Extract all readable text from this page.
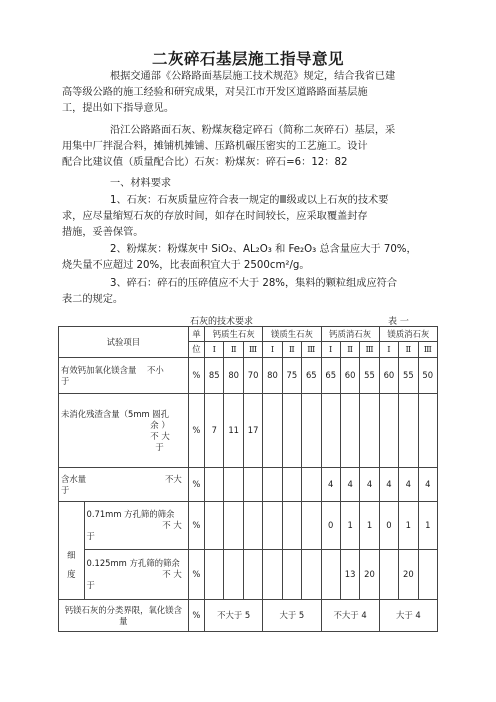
二灰碎石基层施工指导意见
根据交通部《公路路面基层施工技术规范》规定，结合我省已建
高等级公路的施工经验和研究成果，对吴江市开发区道路路面基层施
工，提出如下指导意见。
沿江公路路面石灰、粉煤灰稳定碎石（简称二灰碎石）基层，采
用集中厂拌混合料，摊铺机摊铺、压路机碾压密实的工艺施工。设计
配合比建议值（质量配合比）石灰：粉煤灰：碎石=6：12：82
一、材料要求
1、石灰：石灰质量应符合表一规定的Ⅲ级或以上石灰的技术要
求，应尽量缩短石灰的存放时间，如存在时间较长，应采取覆盖封存
措施，妥善保管。
2、粉煤灰：粉煤灰中 SiO₂、AL₂O₃ 和 Fe₂O₃ 总含量应大于 70%，
烧失量不应超过 20%，比表面积宜大于 2500cm²/g。
3、碎石：碎石的压碎值应不大于 28%，集料的颗粒组成应符合
表二的规定。
石灰的技术要求	表 一
试验项目		单	钙质生石灰			镁质生石灰			钙质消石灰			镁质消石灰		
		位	Ⅰ	Ⅱ	Ⅲ	Ⅰ	Ⅱ	Ⅲ	Ⅰ	Ⅱ	Ⅲ	Ⅰ	Ⅱ	Ⅲ

有效钙加氧化镁含量 不小
于		%	85	80	70	80	75	65	65	60	55	60	55	50

未消化残渣含量（5mm 圆孔
余 ）
不 大
于		%	7	11	17									

含水量 不大
于		%							4	4	4	4	4	4

细
度	0.71mm 方孔筛的筛余
不 大
于	%							0	1	1	0	1	1

	0.125mm 方孔筛的筛余
不 大
于	%								13	20		20	

钙镁石灰的分类界限，氧化镁含
量		%	不大于 5			大于 5			不大于 4			大于 4		
